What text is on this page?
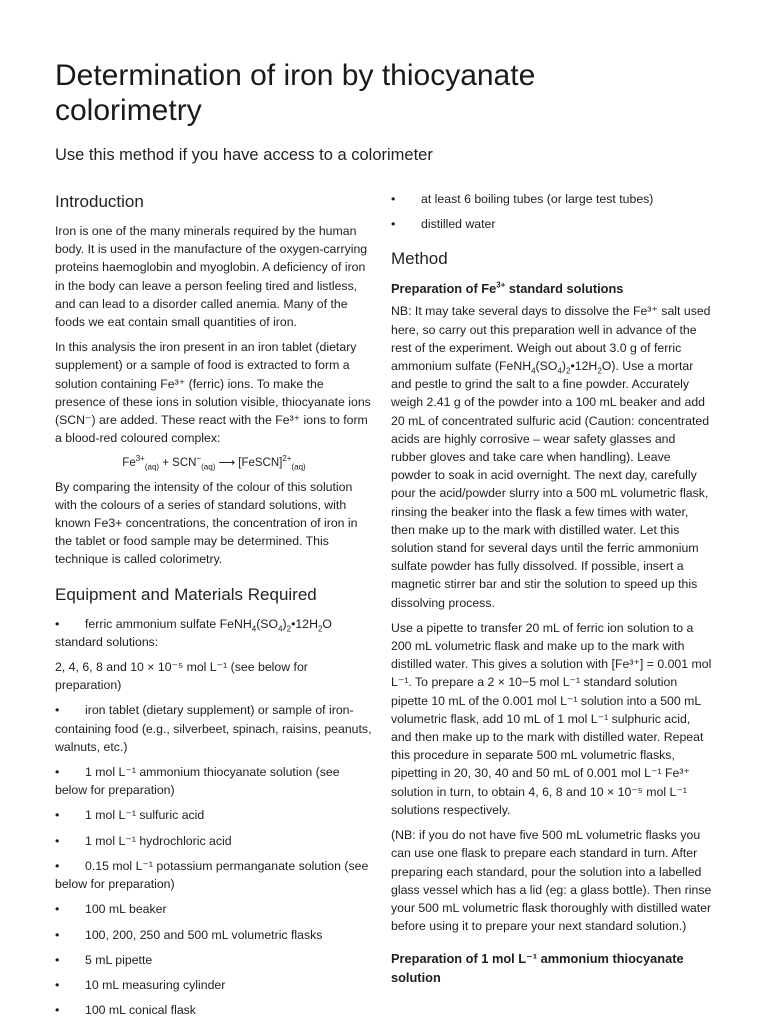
Determination of iron by thiocyanate colorimetry

Use this method if you have access to a colorimeter

Introduction

Iron is one of the many minerals required by the human body. It is used in the manufacture of the oxygen-carrying proteins haemoglobin and myoglobin. A deficiency of iron in the body can leave a person feeling tired and listless, and can lead to a disorder called anemia. Many of the foods we eat contain small quantities of iron.

In this analysis the iron present in an iron tablet (dietary supplement) or a sample of food is extracted to form a solution containing Fe³⁺ (ferric) ions. To make the presence of these ions in solution visible, thiocyanate ions (SCN⁻) are added. These react with the Fe³⁺ ions to form a blood-red coloured complex:

$Fe^{3+}_{(aq)} + SCN^-_{(aq)}$ ⟶ [FeSCN]$^{2+}_{(aq)}$

By comparing the intensity of the colour of this solution with the colours of a series of standard solutions, with known Fe3+ concentrations, the concentration of iron in the tablet or food sample may be determined. This technique is called colorimetry.

Equipment and Materials Required
• ferric ammonium sulfate $FeNH_4(SO_4)_2•12H_2O$ standard solutions:

2, 4, 6, 8 and 10 × 10⁻⁵ mol L⁻¹ (see below for preparation)

• iron tablet (dietary supplement) or sample of iron-containing food (e.g., silverbeet, spinach, raisins, peanuts, walnuts, etc.)
• 1 mol L⁻¹ ammonium thiocyanate solution (see below for preparation)
• 1 mol L⁻¹ sulfuric acid
• 1 mol L⁻¹ hydrochloric acid
• 0.15 mol L⁻¹ potassium permanganate solution (see below for preparation)
• 100 mL beaker
• 100, 200, 250 and 500 mL volumetric flasks
• 5 mL pipette
• 10 mL measuring cylinder
• 100 mL conical flask
• at least 6 boiling tubes (or large test tubes)
• distilled water
Method
Preparation of $Fe^{3+}$ standard solutions

NB: It may take several days to dissolve the Fe³⁺ salt used here, so carry out this preparation well in advance of the rest of the experiment. Weigh out about 3.0 g of ferric ammonium sulfate $(FeNH_4(SO_4)_2•12H_2O)$. Use a mortar and pestle to grind the salt to a fine powder. Accurately weigh 2.41 g of the powder into a 100 mL beaker and add 20 mL of concentrated sulfuric acid (Caution: concentrated acids are highly corrosive – wear safety glasses and rubber gloves and take care when handling). Leave powder to soak in acid overnight. The next day, carefully pour the acid/powder slurry into a 500 mL volumetric flask, rinsing the beaker into the flask a few times with water, then make up to the mark with distilled water. Let this solution stand for several days until the ferric ammonium sulfate powder has fully dissolved. If possible, insert a magnetic stirrer bar and stir the solution to speed up this dissolving process.

Use a pipette to transfer 20 mL of ferric ion solution to a 200 mL volumetric flask and make up to the mark with distilled water. This gives a solution with [Fe³⁺] = 0.001 mol L⁻¹. To prepare a 2 × 10−5 mol L⁻¹ standard solution pipette 10 mL of the 0.001 mol L⁻¹ solution into a 500 mL volumetric flask, add 10 mL of 1 mol L⁻¹ sulphuric acid, and then make up to the mark with distilled water. Repeat this procedure in separate 500 mL volumetric flasks, pipetting in 20, 30, 40 and 50 mL of 0.001 mol L⁻¹ Fe³⁺ solution in turn, to obtain 4, 6, 8 and 10 × 10⁻⁵ mol L⁻¹ solutions respectively.

(NB: if you do not have five 500 mL volumetric flasks you can use one flask to prepare each standard in turn. After preparing each standard, pour the solution into a labelled glass vessel which has a lid (eg: a glass bottle). Then rinse your 500 mL volumetric flask thoroughly with distilled water before using it to prepare your next standard solution.)

Preparation of 1 mol L⁻¹ ammonium thiocyanate solution
